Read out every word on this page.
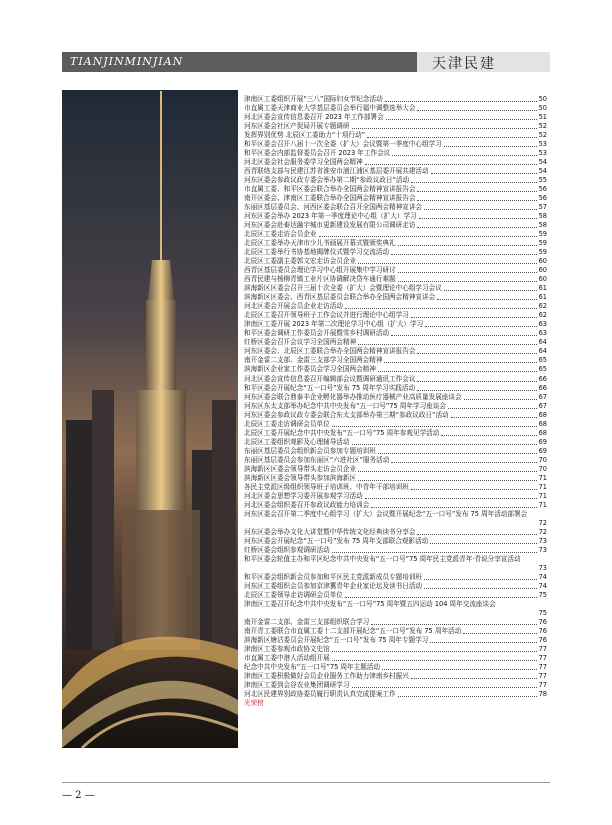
TIANJINMINJIAN	天津民建
津南区工委组织开展“三八”国际妇女节纪念活动	50
市直属工委天津商业大学基层委员会举行福中调整选举大会	50
河北区委会宣传信息委召开 2023 年工作部署会	51
河东区委会社区产促局开展专题调研	52
发挥界别优势 北辰区工委助力“十项行动”	52
和平区委会召开八届十一次全委（扩大）会议暨第一季度中心组学习	53
和平区委会内部监督委员会召开 2023 年工作会议	53
河北区委会社会服务委学习全国两会精神	54
西青联络支部与民建江苏省淮安市浦江浦区基层委开展共建活动	54
河东区委会参政议政专委会举办第二期“参政议政日”活动	55
市直属工委、和平区委会联合举办全国两会精神宣讲报告会	56
南开区委会、津南区工委联合举办全国两会精神宣讲报告会	56
东丽区基层委员会、河西区委会联合召开全国两会精神宣讲会	57
河东区委会举办 2023 年第一季度理论中心组（扩大）学习	58
河东区委会赴泰达融宇城市更新建设发展有限公司调研走访	58
北辰区工委走访会员企业	59
北辰区工委举办天津市少儿书画展开幕式暨颁奖典礼	59
北辰区工委举行书协基地揭牌仪式暨学习交流活动	59
北辰区工委副主委郭文宏走访会员企业	60
西青区基层委员会理论学习中心组开展集中学习研讨	60
西青民建与杨柳青镇工业片区协调解决贷车通行难题	60
滨海新区区委会召开三届十次全委（扩大）会暨理论中心组学习会议	61
滨海新区区委会、西青区基层委员会联合举办全国两会精神宣讲会	61
河北区委会开展会员企业走访活动	62
北辰区工委召开领导班子工作会议并进行理论中心组学习	62
津南区工委开展 2023 年第二次理论学习中心组（扩大）学习	63
和平区委会调研工作委员会开展暨雪乡村调研活动	63
红桥区委会召开会议学习全国两会精神	64
河东区委会、北辰区工委联合举办全国两会精神宣讲报告会	64
南开金雷二支部、金雷三支部学习全国两会精神	65
滨海新区企业家工作委员会学习全国两会精神	65
河北区委会宣传信息委召开编辑部会议暨调研通讯工作会议	66
和平区委会开展纪念“五一口号”发布 75 周年学习实践活动	66
河东区委会联合鼎泰丰企业孵化器举办推动医疗器械产业高质量发展座谈会	67
河东区东太支部举办纪念中共中央发布“五一口号”75 周年学习座谈会	67
河东区委会参政议政专委会联合东太支部举办第三期“参政议政日”活动	68
北辰区工委走访调研会员单位	68
北辰区工委开展纪念中共中央发布“五一口号”75 周年参观见学活动	68
北辰区工委组织观影及心理辅导活动	69
东丽区基层委员会组织新会员参加专题培训班	69
东丽区基层委员会参加东丽区“六进社区”服务活动	70
滨海新区区委会领导带头走访会员企业	70
滨海新区区委会领导带头参加滨海新区	71
各民主党派区级组织领导班子培训班、中青年干部培训班	71
河北区委会思想学习委开展参观学习活动	71
河北区委会组织委召开参政议政能力培训会	71
河东区委会召开第二季度中心组学习（扩大）会议暨开展纪念“五一口号”发布 75 周年活动部署会
72
河东区委会举办文化大讲堂暨中华传统文化经典读书分享会	72
河东区委会开展纪念“五一口号”发布 75 周年支部联合观影活动	73
红桥区委会组织参观调研活动	73
和平区委会轮值主办和平区纪念中共中央发布“五一口号”75 周年民主党派青年·青说分享宣活动
73
和平区委会组织新会员参加和平区民主党派新成员专题培训班	74
河东区工委组织会员参加京津冀青年企业家论坛及读书日活动	74
北辰区工委领导走访调研会员单位	75
津南区工委召开纪念中共中央发布“五一口号”75 周年暨五四运动 104 周年交流座谈会
75
南开金雷二支部、金雷三支部组织联合学习	76
南开青工委联合市直属工委十二支部开展纪念“五一口号”发布 75 周年活动	76
滨海新区塘沽委员会开展纪念“五一口号”发布 75 周年专题学习	76
津南区工委参观市政协文史馆	77
市直属工委中港人活动组开展	77
纪念中共中央发布“五一口号”75 周年主题活动	77
津南区工委积极做好会员企业服务工作助力津南乡村振兴	77
津南区工委到会谷农业集团调研学习	77
河北区民建界别政协委员履行职责认真完成提案工作	78
光荣榜
— 2 —
